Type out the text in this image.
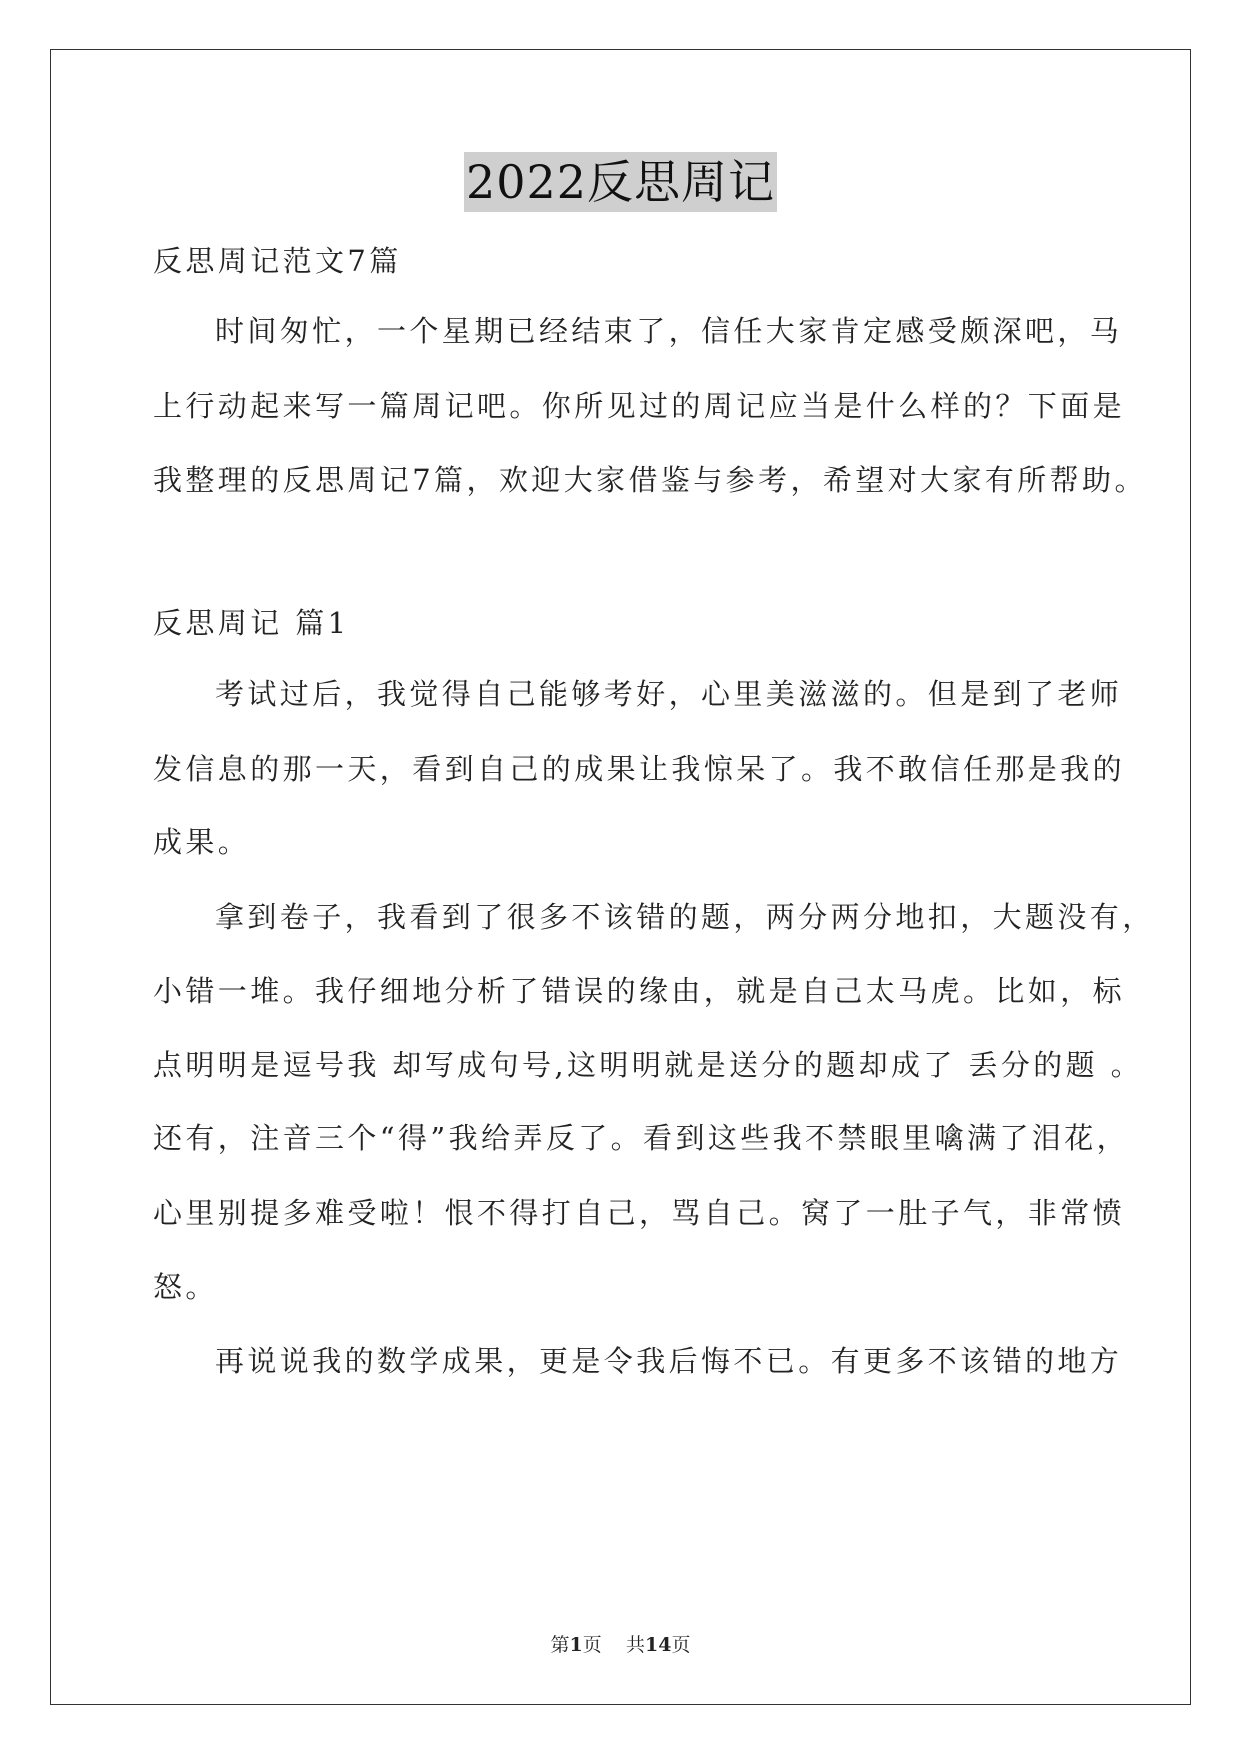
2022反思周记
反思周记范文7篇
时间匆忙，一个星期已经结束了，信任大家肯定感受颇深吧，马
上行动起来写一篇周记吧。你所见过的周记应当是什么样的？下面是
我整理的反思周记7篇，欢迎大家借鉴与参考，希望对大家有所帮助。
反思周记 篇1
考试过后，我觉得自己能够考好，心里美滋滋的。但是到了老师
发信息的那一天，看到自己的成果让我惊呆了。我不敢信任那是我的
成果。
拿到卷子，我看到了很多不该错的题，两分两分地扣，大题没有，
小错一堆。我仔细地分析了错误的缘由，就是自己太马虎。比如，标
点明明是逗号我 却写成句号,这明明就是送分的题却成了 丢分的题 。
还有，注音三个“得”我给弄反了。看到这些我不禁眼里噙满了泪花，
心里别提多难受啦！恨不得打自己，骂自己。窝了一肚子气，非常愤
怒。
再说说我的数学成果，更是令我后悔不已。有更多不该错的地方
第1页 共14页
